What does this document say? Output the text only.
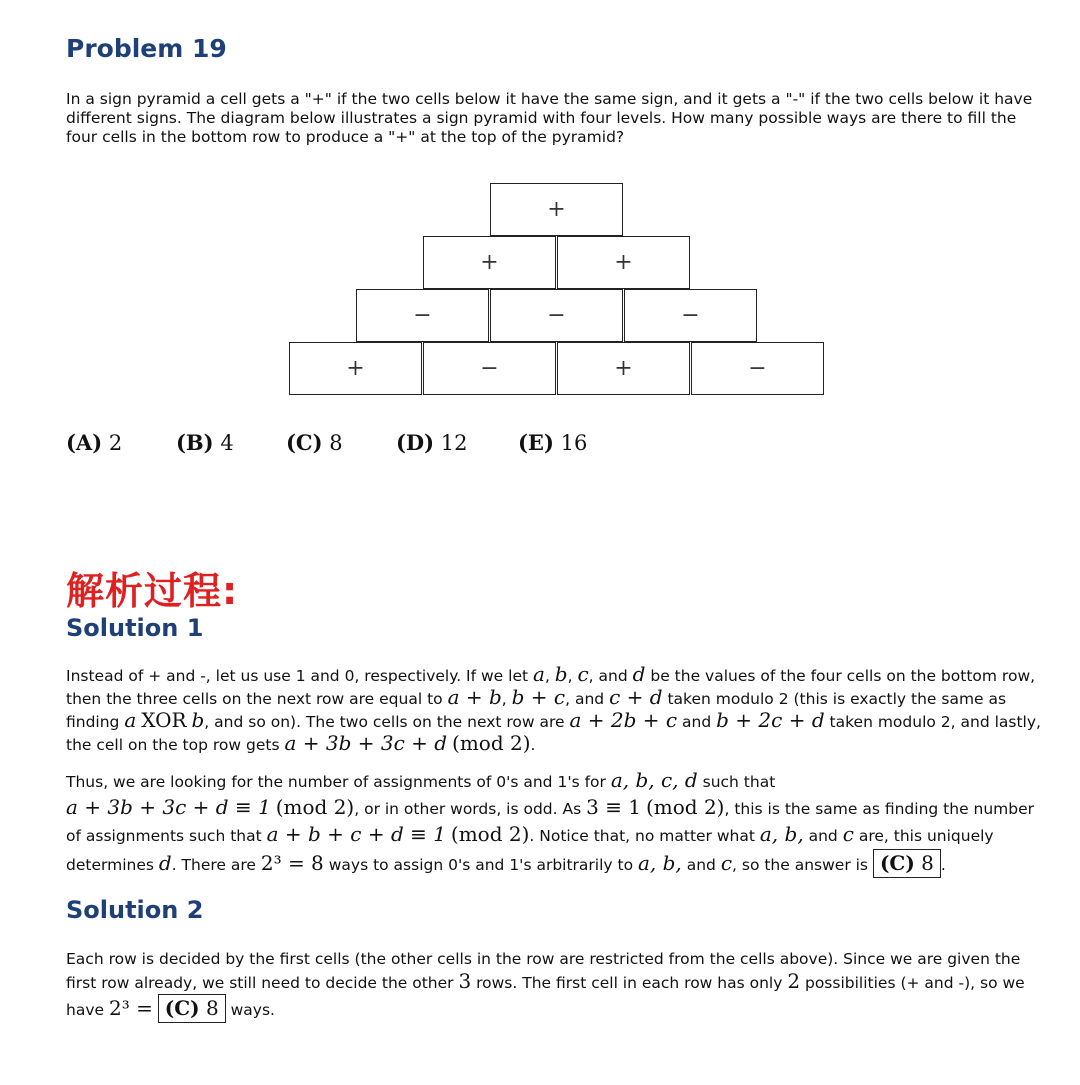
Problem 19
In a sign pyramid a cell gets a "+" if the two cells below it have the same sign, and it gets a "-" if the two cells below it have different signs. The diagram below illustrates a sign pyramid with four levels. How many possible ways are there to fill the four cells in the bottom row to produce a "+" at the top of the pyramid?
+
+	+
−	−	−
+	−	+	−
(A) 2	(B) 4 (C) 8	(D) 12 (E) 16
解析过程:
Solution 1
Instead of + and -, let us use 1 and 0, respectively. If we let a, b, c, and d be the values of the four cells on the bottom row, then the three cells on the next row are equal to a + b, b + c, and c + d taken modulo 2 (this is exactly the same as finding a XOR b, and so on). The two cells on the next row are a + 2b + c and b + 2c + d taken modulo 2, and lastly, the cell on the top row gets a + 3b + 3c + d (mod 2).
Thus, we are looking for the number of assignments of 0's and 1's for a, b, c, d such that
a + 3b + 3c + d ≡ 1 (mod 2), or in other words, is odd. As 3 ≡ 1 (mod 2), this is the same as finding the number of assignments such that a + b + c + d ≡ 1 (mod 2). Notice that, no matter what a, b, and c are, this uniquely determines d. There are 2³ = 8 ways to assign 0's and 1's arbitrarily to a, b, and c, so the answer is (C) 8 .
Solution 2
Each row is decided by the first cells (the other cells in the row are restricted from the cells above). Since we are given the first row already, we still need to decide the other 3 rows. The first cell in each row has only 2 possibilities (+ and -), so we have 2³ = (C) 8 ways.
